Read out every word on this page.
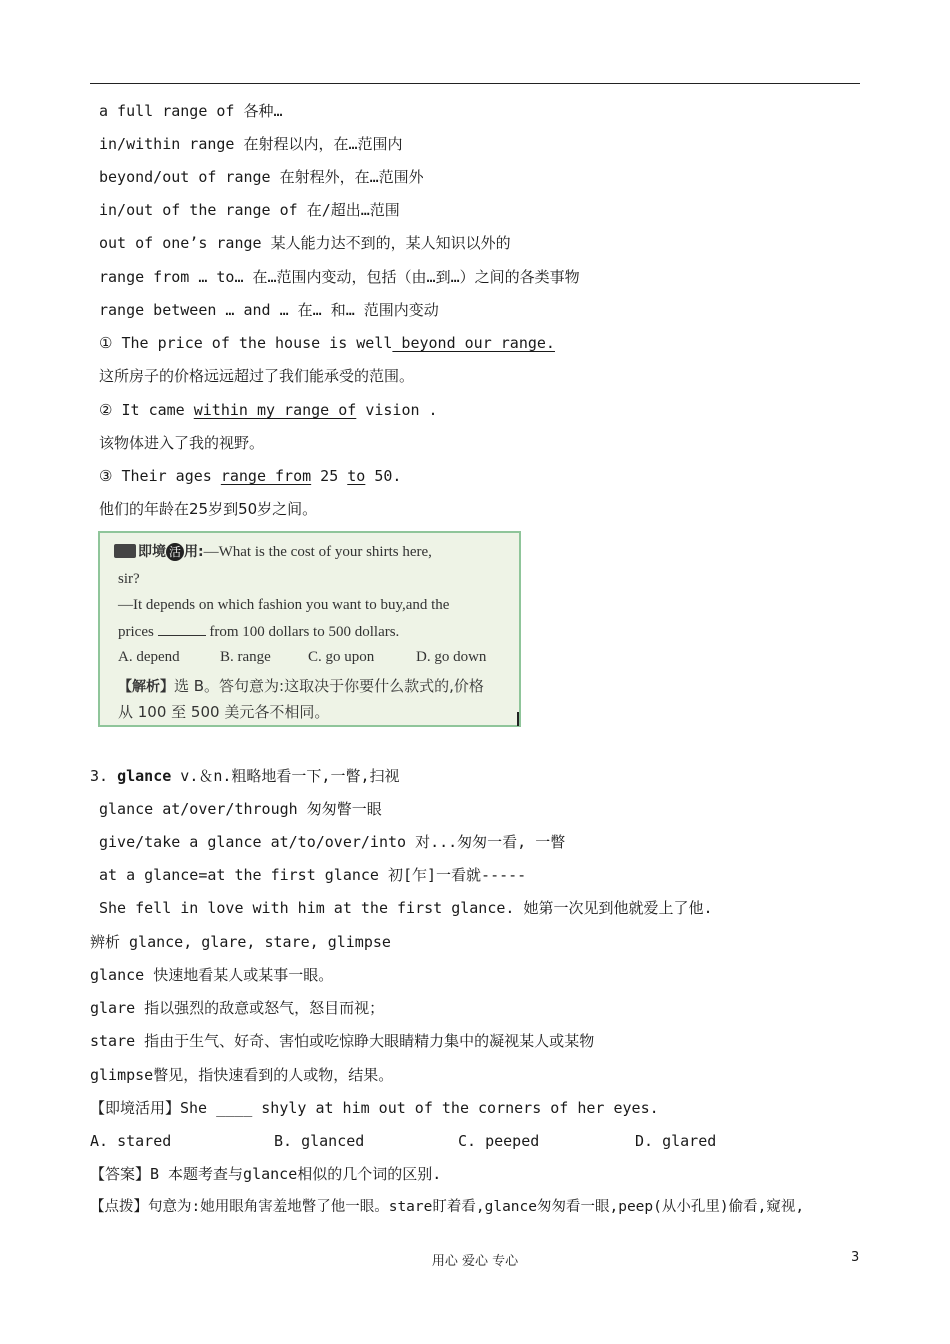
a full range of 各种…
in/within range 在射程以内，在…范围内
beyond/out of range 在射程外，在…范围外
in/out of the range of 在/超出…范围
out of one’s range 某人能力达不到的，某人知识以外的
range from … to… 在…范围内变动，包括（由…到…）之间的各类事物
range between … and … 在… 和… 范围内变动
① The price of the house is well beyond our range.
这所房子的价格远远超过了我们能承受的范围。
② It came within my range of vision .
该物体进入了我的视野。
③ Their ages range from 25 to 50.
他们的年龄在25岁到50岁之间。
即境 活 用:—What is the cost of your shirts here,
sir?
—It depends on which fashion you want to buy,and the
prices	from 100 dollars to 500 dollars.
A. depend	B. range C. go upon	D. go down
【解析】选 B。答句意为:这取决于你要什么款式的,价格
从 100 至 500 美元各不相同。
3. glance v.＆n.粗略地看一下,一瞥,扫视
glance at/over/through 匆匆瞥一眼
give/take a glance at/to/over/into 对...匆匆一看, 一瞥
at a glance=at the first glance 初[乍]一看就-----
She fell in love with him at the first glance. 她第一次见到他就爱上了他.
辨析 glance, glare, stare, glimpse
glance 快速地看某人或某事一眼。
glare 指以强烈的敌意或怒气，怒目而视；
stare 指由于生气、好奇、害怕或吃惊睁大眼睛精力集中的凝视某人或某物
glimpse瞥见，指快速看到的人或物，结果。
【即境活用】She ____ shyly at him out of the corners of her eyes.
A. stared	B. glanced	C. peeped	D. glared
【答案】B 本题考查与glance相似的几个词的区别.
【点拨】句意为:她用眼角害羞地瞥了他一眼。stare盯着看,glance匆匆看一眼,peep(从小孔里)偷看,窥视,
用心 爱心 专心	3
